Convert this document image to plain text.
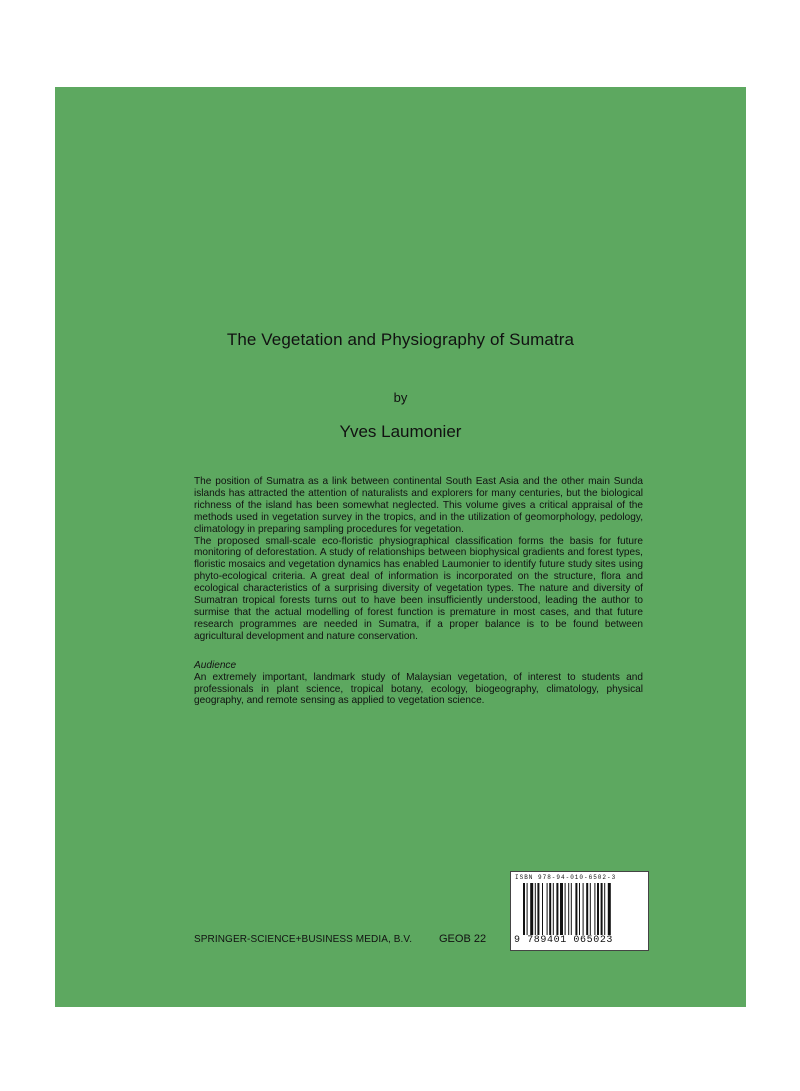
The Vegetation and Physiography of Sumatra
by
Yves Laumonier

The position of Sumatra as a link between continental South East Asia and the other main Sunda islands has attracted the attention of naturalists and explorers for many centuries, but the biological richness of the island has been somewhat neglected. This volume gives a critical appraisal of the methods used in vegetation survey in the tropics, and in the utilization of geomorphology, pedology, climatology in preparing sampling procedures for vegetation.

The proposed small-scale eco-floristic physiographical classification forms the basis for future monitoring of deforestation. A study of relationships between biophysical gradients and forest types, floristic mosaics and vegetation dynamics has enabled Laumonier to identify future study sites using phyto-ecological criteria. A great deal of information is incorporated on the structure, flora and ecological characteristics of a surprising diversity of vegetation types. The nature and diversity of Sumatran tropical forests turns out to have been insufficiently understood, leading the author to surmise that the actual modelling of forest function is premature in most cases, and that future research programmes are needed in Sumatra, if a proper balance is to be found between agricultural development and nature conservation.

Audience

An extremely important, landmark study of Malaysian vegetation, of interest to students and professionals in plant science, tropical botany, ecology, biogeography, climatology, physical geography, and remote sensing as applied to vegetation science.

SPRINGER-SCIENCE+BUSINESS MEDIA, B.V. GEOB 22
ISBN 978-94-010-6502-3
9 789401 065023
